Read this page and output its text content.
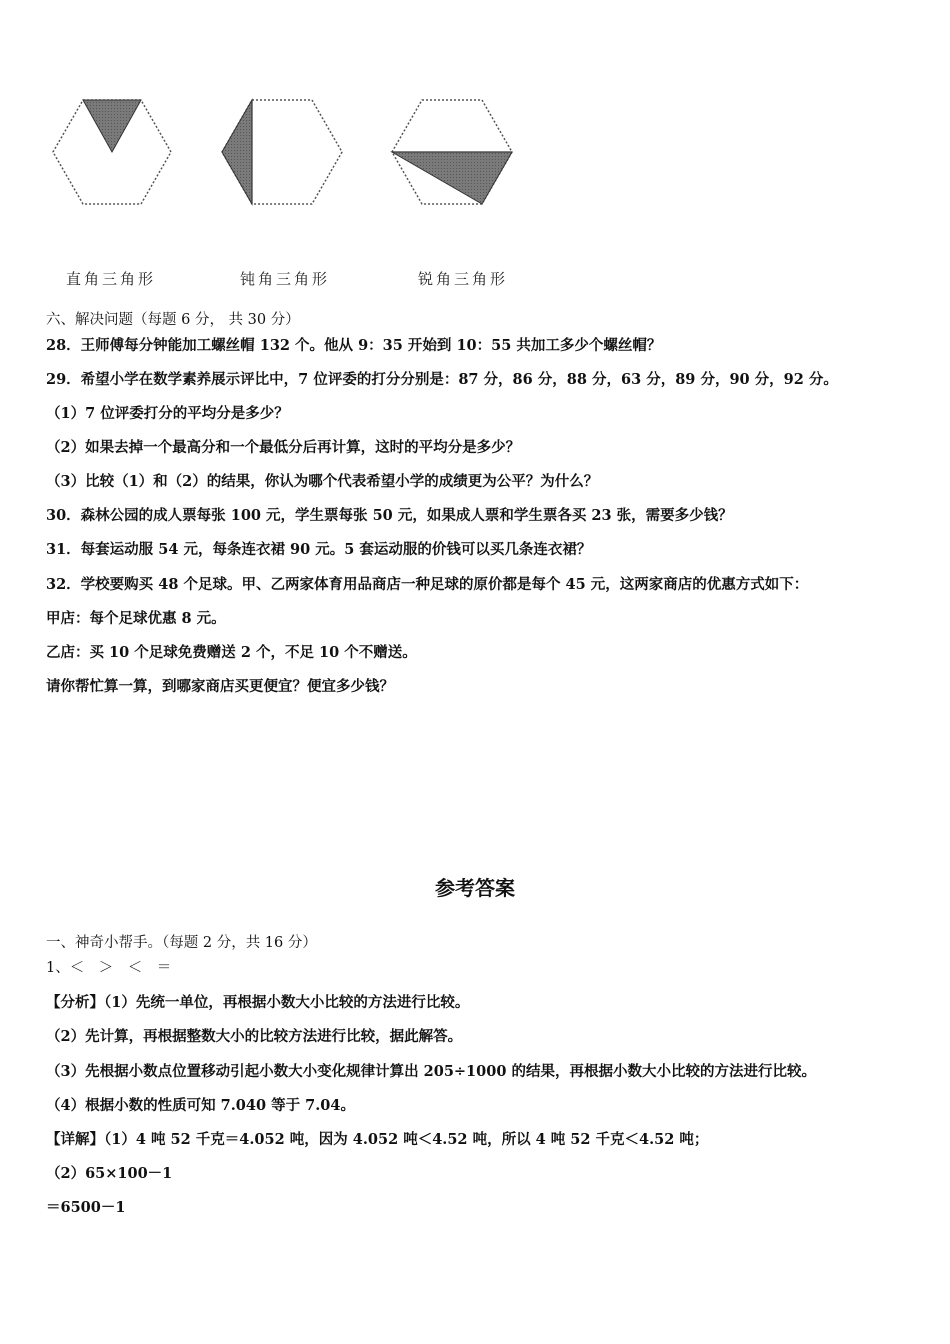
直角三角形	钝角三角形	锐角三角形
六、解决问题（每题 6 分， 共 30 分）
28．王师傅每分钟能加工螺丝帽 132 个。他从 9：35 开始到 10：55 共加工多少个螺丝帽？
29．希望小学在数学素养展示评比中，7 位评委的打分分别是：87 分，86 分，88 分，63 分，89 分，90 分，92 分。
（1）7 位评委打分的平均分是多少？
（2）如果去掉一个最高分和一个最低分后再计算，这时的平均分是多少？
（3）比较（1）和（2）的结果，你认为哪个代表希望小学的成绩更为公平？为什么？
30．森林公园的成人票每张 100 元，学生票每张 50 元，如果成人票和学生票各买 23 张，需要多少钱？
31．每套运动服 54 元，每条连衣裙 90 元。5 套运动服的价钱可以买几条连衣裙？
32．学校要购买 48 个足球。甲、乙两家体育用品商店一种足球的原价都是每个 45 元，这两家商店的优惠方式如下：
甲店：每个足球优惠 8 元。
乙店：买 10 个足球免费赠送 2 个，不足 10 个不赠送。
请你帮忙算一算，到哪家商店买更便宜？便宜多少钱？
参考答案
一、神奇小帮手。（每题 2 分，共 16 分）
1、＜　＞　＜　＝
【分析】（1）先统一单位，再根据小数大小比较的方法进行比较。
（2）先计算，再根据整数大小的比较方法进行比较，据此解答。
（3）先根据小数点位置移动引起小数大小变化规律计算出 205÷1000 的结果，再根据小数大小比较的方法进行比较。
（4）根据小数的性质可知 7.040 等于 7.04。
【详解】（1）4 吨 52 千克＝4.052 吨，因为 4.052 吨＜4.52 吨，所以 4 吨 52 千克＜4.52 吨；
（2）65×100－1
＝6500－1
